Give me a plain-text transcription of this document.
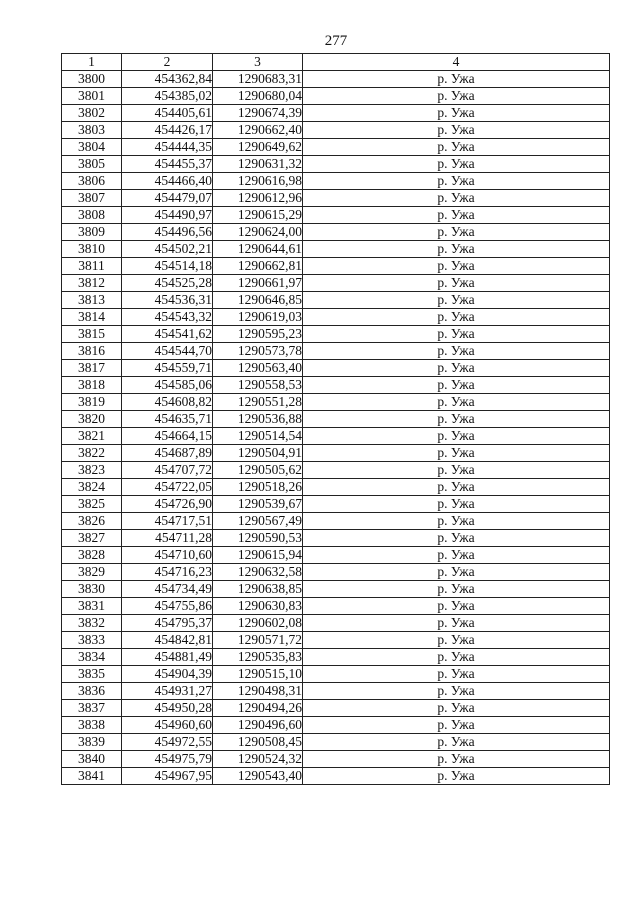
277
1	2	3	4
3800	454362,84	1290683,31	р. Ужа
3801	454385,02	1290680,04	р. Ужа
3802	454405,61	1290674,39	р. Ужа
3803	454426,17	1290662,40	р. Ужа
3804	454444,35	1290649,62	р. Ужа
3805	454455,37	1290631,32	р. Ужа
3806	454466,40	1290616,98	р. Ужа
3807	454479,07	1290612,96	р. Ужа
3808	454490,97	1290615,29	р. Ужа
3809	454496,56	1290624,00	р. Ужа
3810	454502,21	1290644,61	р. Ужа
3811	454514,18	1290662,81	р. Ужа
3812	454525,28	1290661,97	р. Ужа
3813	454536,31	1290646,85	р. Ужа
3814	454543,32	1290619,03	р. Ужа
3815	454541,62	1290595,23	р. Ужа
3816	454544,70	1290573,78	р. Ужа
3817	454559,71	1290563,40	р. Ужа
3818	454585,06	1290558,53	р. Ужа
3819	454608,82	1290551,28	р. Ужа
3820	454635,71	1290536,88	р. Ужа
3821	454664,15	1290514,54	р. Ужа
3822	454687,89	1290504,91	р. Ужа
3823	454707,72	1290505,62	р. Ужа
3824	454722,05	1290518,26	р. Ужа
3825	454726,90	1290539,67	р. Ужа
3826	454717,51	1290567,49	р. Ужа
3827	454711,28	1290590,53	р. Ужа
3828	454710,60	1290615,94	р. Ужа
3829	454716,23	1290632,58	р. Ужа
3830	454734,49	1290638,85	р. Ужа
3831	454755,86	1290630,83	р. Ужа
3832	454795,37	1290602,08	р. Ужа
3833	454842,81	1290571,72	р. Ужа
3834	454881,49	1290535,83	р. Ужа
3835	454904,39	1290515,10	р. Ужа
3836	454931,27	1290498,31	р. Ужа
3837	454950,28	1290494,26	р. Ужа
3838	454960,60	1290496,60	р. Ужа
3839	454972,55	1290508,45	р. Ужа
3840	454975,79	1290524,32	р. Ужа
3841	454967,95	1290543,40	р. Ужа
